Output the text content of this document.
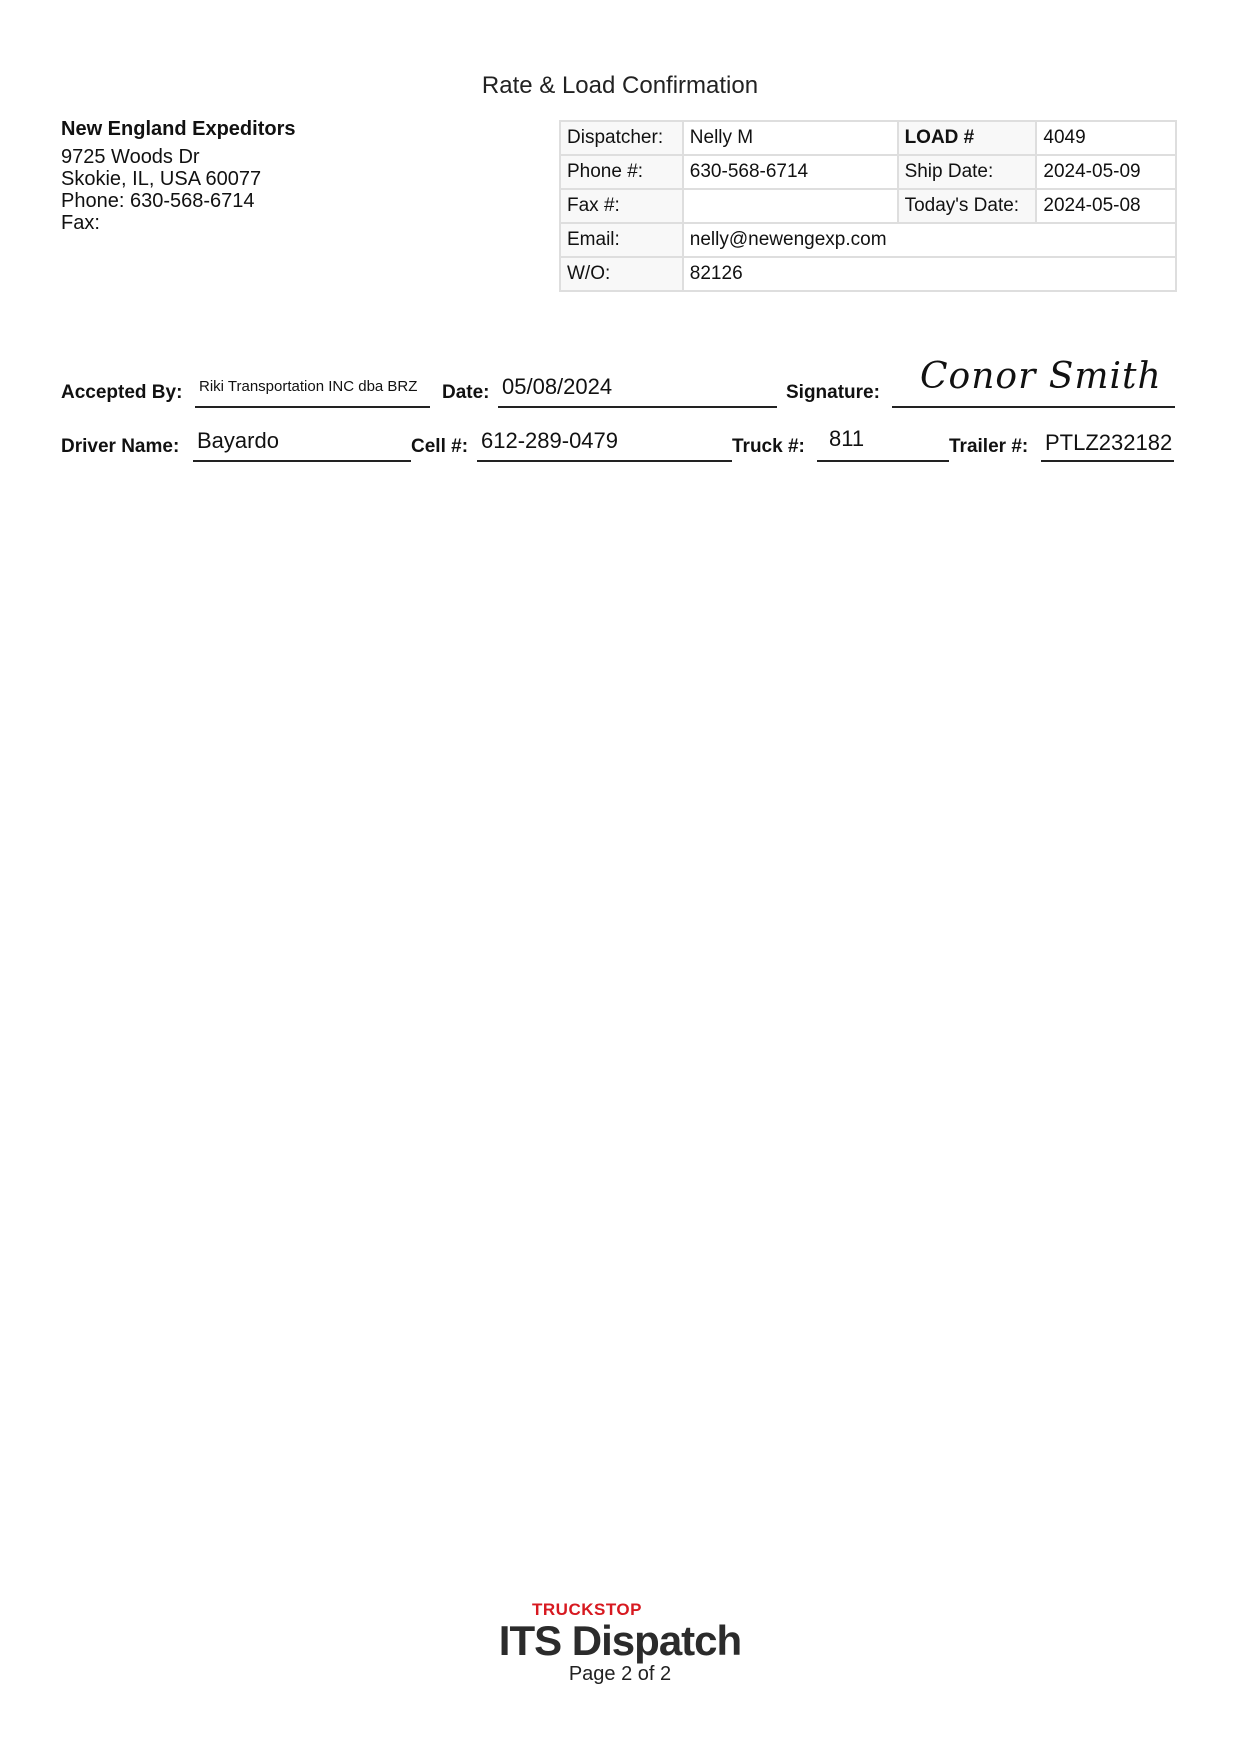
Rate & Load Confirmation
New England Expeditors
9725 Woods Dr
Skokie, IL, USA 60077
Phone: 630-568-6714
Fax:
Dispatcher:	Nelly M	LOAD #	4049
Phone #:	630-568-6714	Ship Date:	2024-05-09
Fax #:		Today's Date:	2024-05-08
Email:	nelly@newengexp.com		
W/O:	82126		
Accepted By: Riki Transportation INC dba BRZ	Date: 05/08/2024	Signature: Conor Smith
Driver Name: Bayardo	Cell #: 612-289-0479	Truck #:	811	Trailer #: PTLZ232182
TRUCKSTOP
ITS Dispatch
Page 2 of 2
